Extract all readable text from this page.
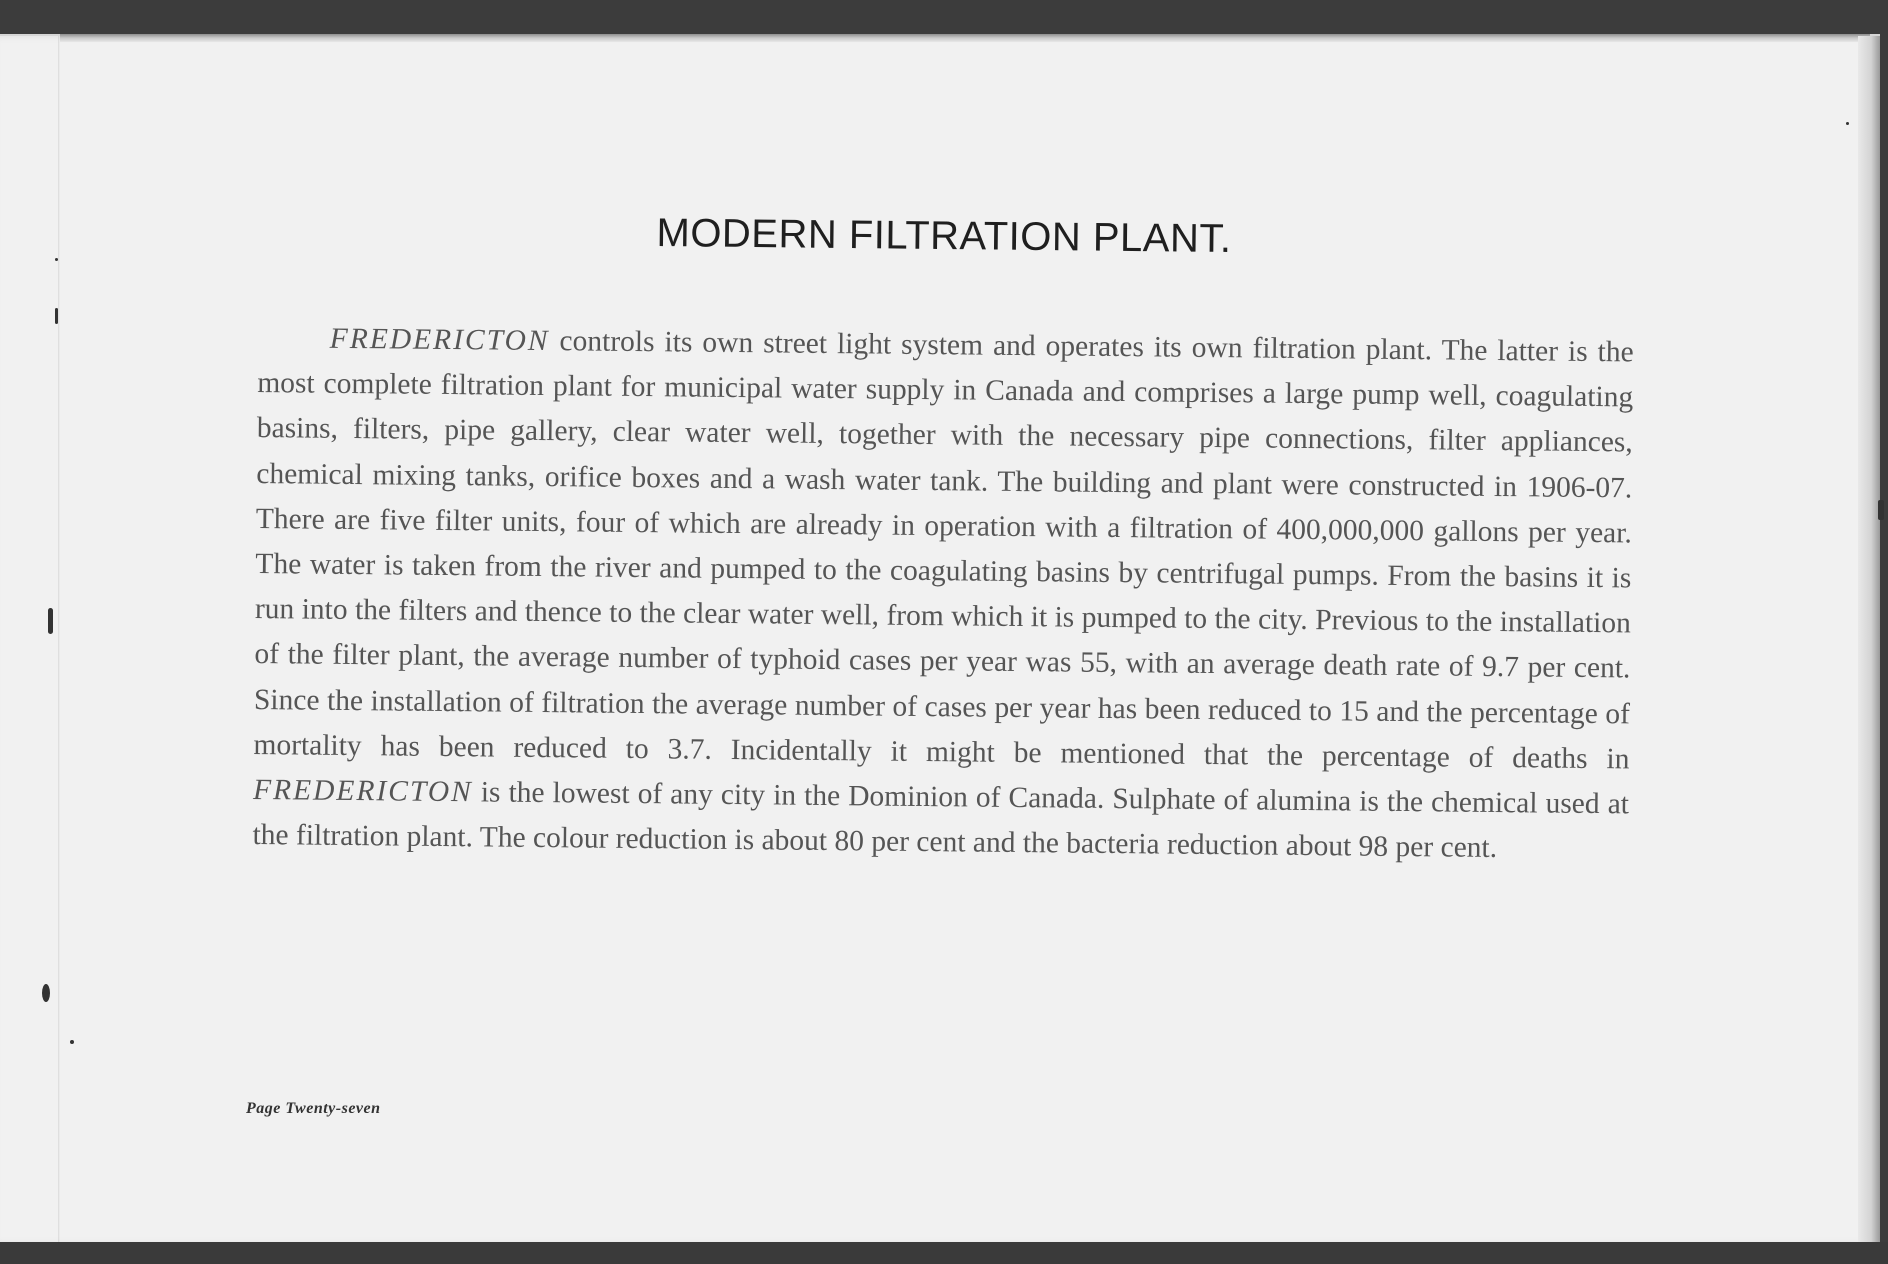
MODERN FILTRATION PLANT.
FREDERICTON controls its own street light system and operates its own filtration plant. The latter is the most complete filtration plant for municipal water supply in Canada and comprises a large pump well, coagulating basins, filters, pipe gallery, clear water well, together with the necessary pipe connections, filter appliances, chemical mixing tanks, orifice boxes and a wash water tank. The building and plant were constructed in 1906-07. There are five filter units, four of which are already in operation with a filtration of 400,000,000 gallons per year. The water is taken from the river and pumped to the coagulating basins by centrifugal pumps. From the basins it is run into the filters and thence to the clear water well, from which it is pumped to the city. Previous to the installation of the filter plant, the average number of typhoid cases per year was 55, with an average death rate of 9.7 per cent. Since the installation of filtration the average number of cases per year has been reduced to 15 and the percentage of mortality has been reduced to 3.7. Incidentally it might be mentioned that the percentage of deaths in FREDERICTON is the lowest of any city in the Dominion of Canada. Sulphate of alumina is the chemical used at the filtration plant. The colour reduction is about 80 per cent and the bacteria reduction about 98 per cent.
Page Twenty-seven
